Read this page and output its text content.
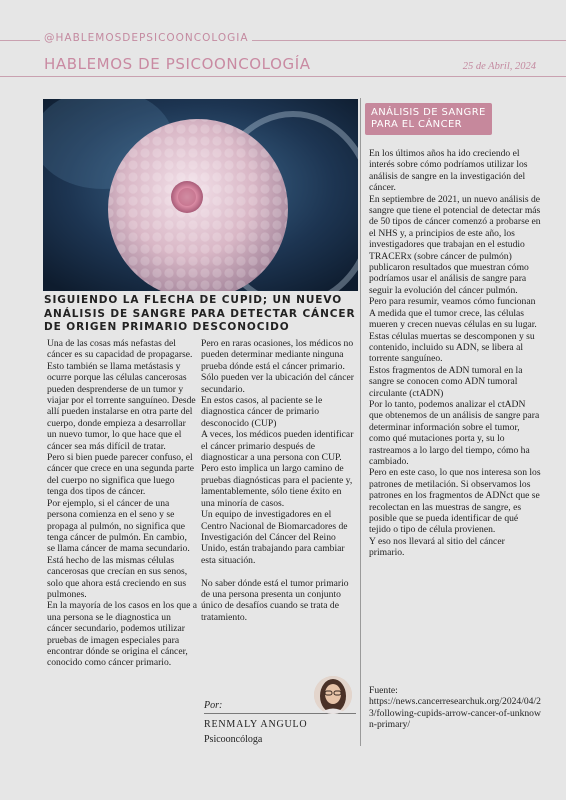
@HABLEMOSDEPSICOONCOLOGIA
HABLEMOS DE PSICOONCOLOGÍA	25 de Abril, 2024
SIGUIENDO LA FLECHA DE CUPID; UN NUEVO ANÁLISIS DE SANGRE PARA DETECTAR CÁNCER DE ORIGEN PRIMARIO DESCONOCIDO

Una de las cosas más nefastas del cáncer es su capacidad de propagarse.

Esto también se llama metástasis y ocurre porque las células cancerosas pueden desprenderse de un tumor y viajar por el torrente sanguíneo. Desde allí pueden instalarse en otra parte del cuerpo, donde empieza a desarrollar un nuevo tumor, lo que hace que el cáncer sea más difícil de tratar.

Pero si bien puede parecer confuso, el cáncer que crece en una segunda parte del cuerpo no significa que luego tenga dos tipos de cáncer.

Por ejemplo, si el cáncer de una persona comienza en el seno y se propaga al pulmón, no significa que tenga cáncer de pulmón. En cambio, se llama cáncer de mama secundario. Está hecho de las mismas células cancerosas que crecían en sus senos, solo que ahora está creciendo en sus pulmones.

En la mayoría de los casos en los que a una persona se le diagnostica un cáncer secundario, podemos utilizar pruebas de imagen especiales para encontrar dónde se origina el cáncer, conocido como cáncer primario.

Pero en raras ocasiones, los médicos no pueden determinar mediante ninguna prueba dónde está el cáncer primario. Sólo pueden ver la ubicación del cáncer secundario.

En estos casos, al paciente se le diagnostica cáncer de primario desconocido (CUP)

A veces, los médicos pueden identificar el cáncer primario después de diagnosticar a una persona con CUP. Pero esto implica un largo camino de pruebas diagnósticas para el paciente y, lamentablemente, sólo tiene éxito en una minoría de casos.

Un equipo de investigadores en el Centro Nacional de Biomarcadores de Investigación del Cáncer del Reino Unido, están trabajando para cambiar esta situación.

No saber dónde está el tumor primario de una persona presenta un conjunto único de desafíos cuando se trata de tratamiento.

Por:
RENMALY ANGULO
Psicooncóloga
ANÁLISIS DE SANGRE PARA EL CÁNCER

En los últimos años ha ido creciendo el interés sobre cómo podríamos utilizar los análisis de sangre en la investigación del cáncer.

En septiembre de 2021, un nuevo análisis de sangre que tiene el potencial de detectar más de 50 tipos de cáncer comenzó a probarse en el NHS y, a principios de este año, los investigadores que trabajan en el estudio TRACERx (sobre cáncer de pulmón) publicaron resultados que muestran cómo podríamos usar el análisis de sangre para seguir la evolución del cáncer pulmón.

Pero para resumir, veamos cómo funcionan

A medida que el tumor crece, las células mueren y crecen nuevas células en su lugar. Estas células muertas se descomponen y su contenido, incluido su ADN, se libera al torrente sanguíneo.

Estos fragmentos de ADN tumoral en la sangre se conocen como ADN tumoral circulante (ctADN)

Por lo tanto, podemos analizar el ctADN que obtenemos de un análisis de sangre para determinar información sobre el tumor, como qué mutaciones porta y, su lo rastreamos a lo largo del tiempo, cómo ha cambiado.

Pero en este caso, lo que nos interesa son los patrones de metilación. Si observamos los patrones en los fragmentos de ADNct que se recolectan en las muestras de sangre, es posible que se pueda identificar de qué tejido o tipo de célula provienen.

Y eso nos llevará al sitio del cáncer primario.

Fuente:
https://news.cancerresearchuk.org/2024/04/23/following-cupids-arrow-cancer-of-unknown-primary/
